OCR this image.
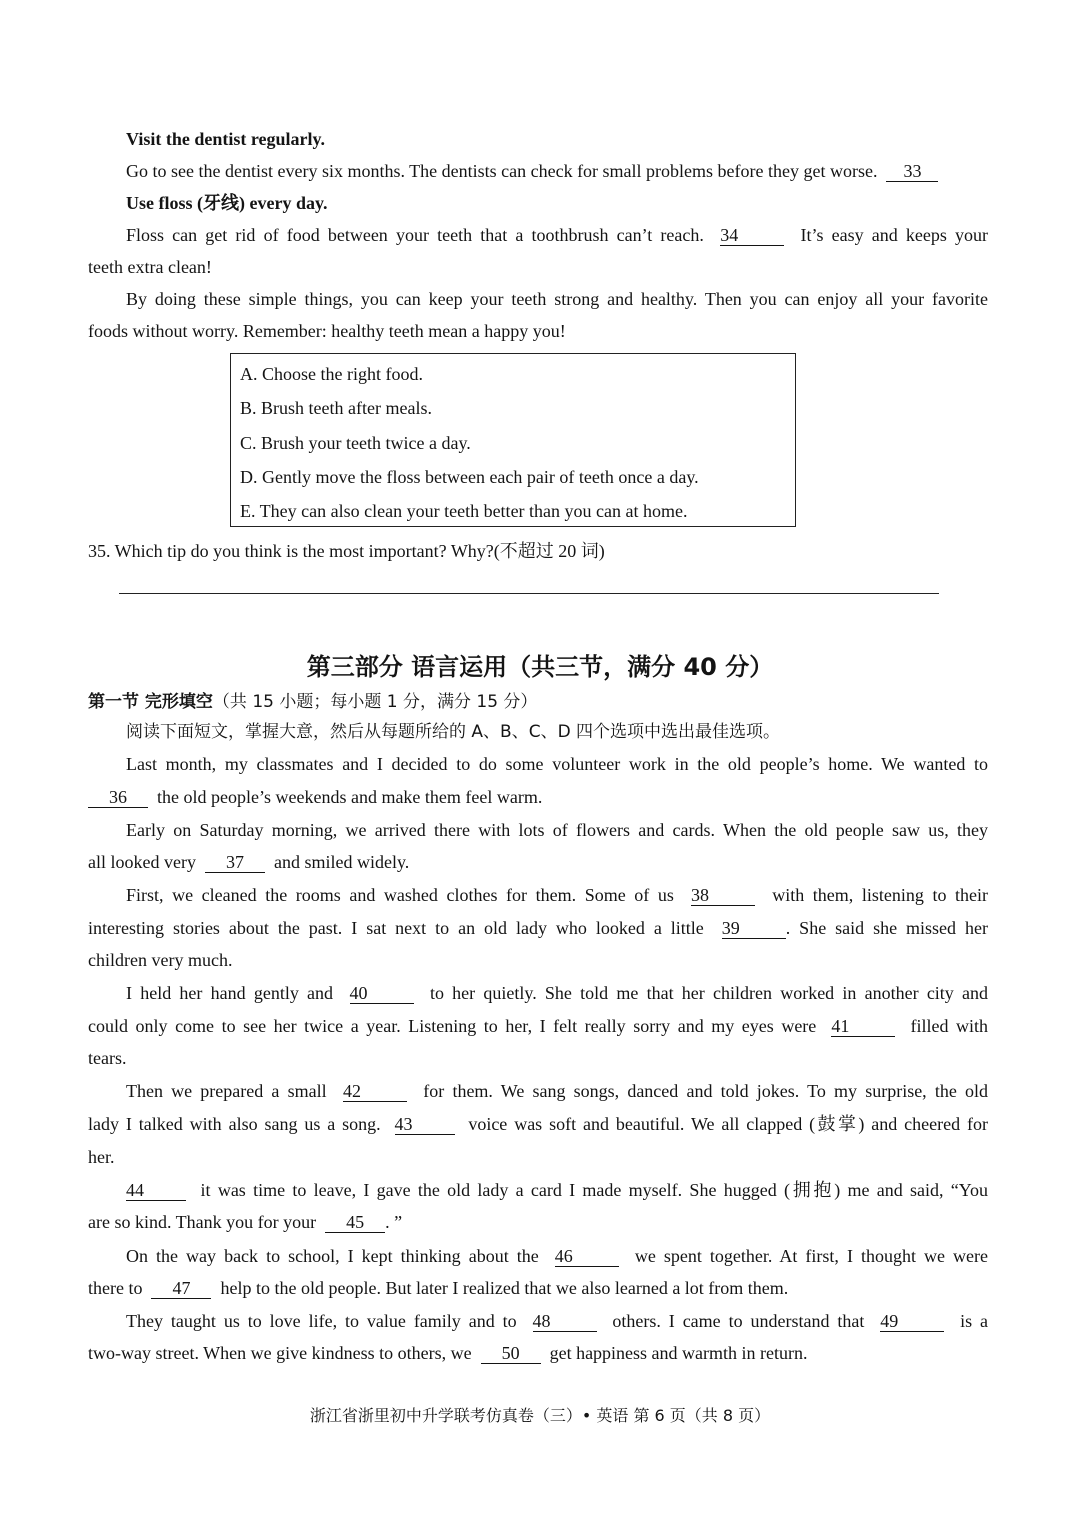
Visit the dentist regularly.
Go to see the dentist every six months. The dentists can check for small problems before they get worse. 33
Use floss (牙线) every day.
Floss can get rid of food between your teeth that a toothbrush can’t reach. 34	It’s easy and keeps your
teeth extra clean!
By doing these simple things, you can keep your teeth strong and healthy. Then you can enjoy all your favorite
foods without worry. Remember: healthy teeth mean a happy you!
A. Choose the right food.
B. Brush teeth after meals.
C. Brush your teeth twice a day.
D. Gently move the floss between each pair of teeth once a day.
E. They can also clean your teeth better than you can at home.
35. Which tip do you think is the most important? Why?(不超过 20 词)
第三部分 语言运用（共三节，满分 40 分）
第一节 完形填空（共 15 小题；每小题 1 分，满分 15 分）
阅读下面短文，掌握大意，然后从每题所给的 A、B、C、D 四个选项中选出最佳选项。
Last month, my classmates and I decided to do some volunteer work in the old people’s home. We wanted to
36 the old people’s weekends and make them feel warm.
Early on Saturday morning, we arrived there with lots of flowers and cards. When the old people saw us, they
all looked very 37 and smiled widely.
First, we cleaned the rooms and washed clothes for them. Some of us 38	with them, listening to their
interesting stories about the past. I sat next to an old lady who looked a little 39	. She said she missed her
children very much.
I held her hand gently and 40	to her quietly. She told me that her children worked in another city and
could only come to see her twice a year. Listening to her, I felt really sorry and my eyes were 41	filled with
tears.
Then we prepared a small 42	for them. We sang songs, danced and told jokes. To my surprise, the old
lady I talked with also sang us a song. 43	voice was soft and beautiful. We all clapped (鼓掌) and cheered for
her.
44	it was time to leave, I gave the old lady a card I made myself. She hugged (拥抱) me and said, “You
are so kind. Thank you for your 45 . ”
On the way back to school, I kept thinking about the 46	we spent together. At first, I thought we were
there to 47 help to the old people. But later I realized that we also learned a lot from them.
They taught us to love life, to value family and to 48	others. I came to understand that 49	is a
two-way street. When we give kindness to others, we 50 get happiness and warmth in return.
浙江省浙里初中升学联考仿真卷（三）• 英语 第 6 页（共 8 页）
